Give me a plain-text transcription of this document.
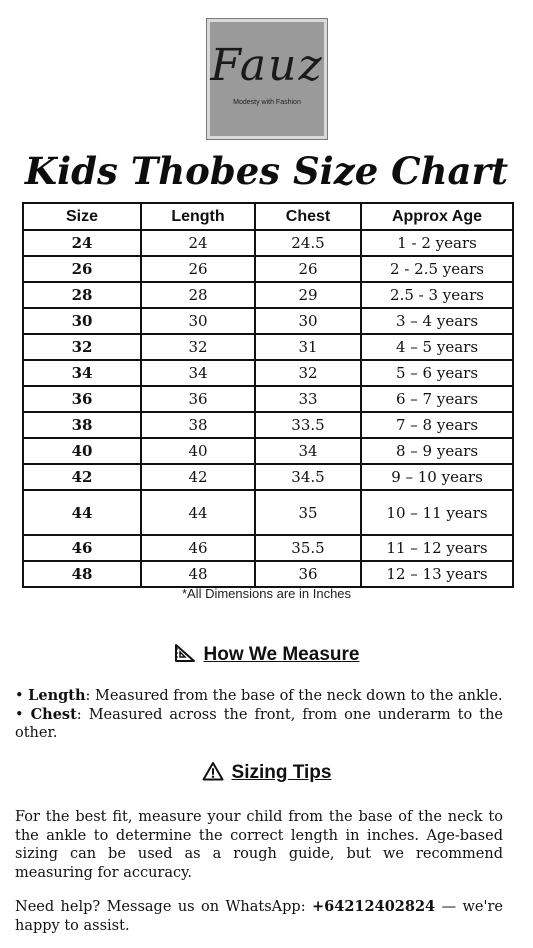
Fauz
Modesty with Fashion
Kids Thobes Size Chart
Size	Length	Chest	Approx Age
24	24	24.5	1 - 2 years
26	26	26	2 - 2.5 years
28	28	29	2.5 - 3 years
30	30	30	3 – 4 years
32	32	31	4 – 5 years
34	34	32	5 – 6 years
36	36	33	6 – 7 years
38	38	33.5	7 – 8 years
40	40	34	8 – 9 years
42	42	34.5	9 – 10 years
44	44	35	10 – 11 years
46	46	35.5	11 – 12 years
48	48	36	12 – 13 years
*All Dimensions are in Inches
How We Measure
• Length: Measured from the base of the neck down to the ankle.
• Chest: Measured across the front, from one underarm to the other.
Sizing Tips
For the best fit, measure your child from the base of the neck to the ankle to determine the correct length in inches. Age-based sizing can be used as a rough guide, but we recommend measuring for accuracy.
Need help? Message us on WhatsApp: +64212402824 — we're happy to assist.
